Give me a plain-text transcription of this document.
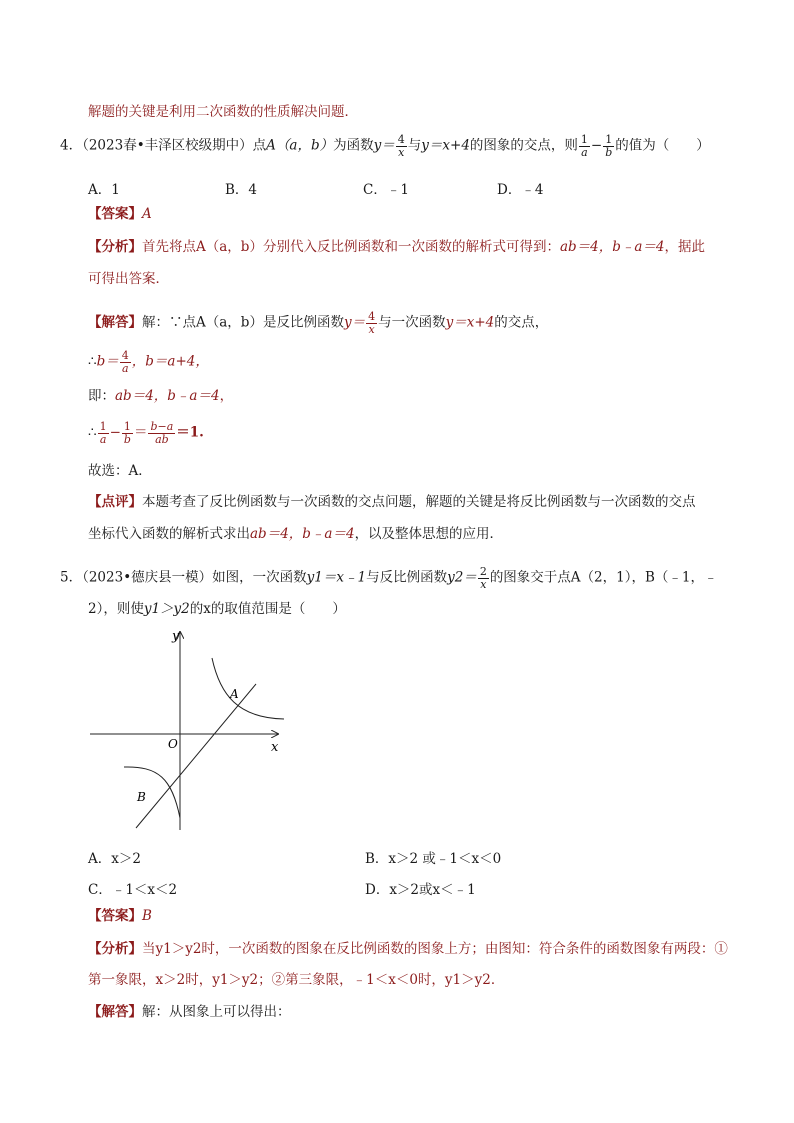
解题的关键是利用二次函数的性质解决问题．
4．（2023春•丰泽区校级期中）点A（a，b）为函数$y= \frac{4}{x}$ 与y＝x+4的图象的交点，则 $\frac{1}{a} - \frac{1}{b}$ 的值为（　　）
A．1	B．4	C．﹣1	D．﹣4
【答案】A
【分析】首先将点A（a，b）分别代入反比例函数和一次函数的解析式可得到：ab＝4，b﹣a＝4，据此
可得出答案．
【解答】解：∵点A（a，b）是反比例函数$y= \frac{4}{x}$ 与一次函数y＝x+4的交点，
∴b＝ $\frac{4}{a}$ ，b＝a+4，
即：ab＝4，b﹣a＝4，
∴ $\frac{1}{a} - \frac{1}{b} = \frac{b-a}{ab} =1$.
故选：A．
【点评】本题考查了反比例函数与一次函数的交点问题，解题的关键是将反比例函数与一次函数的交点
坐标代入函数的解析式求出ab＝4，b﹣a＝4，以及整体思想的应用．
5．（2023•德庆县一模）如图，一次函数y1＝x﹣1与反比例函数$y2= \frac{2}{x}$ 的图象交于点A（2，1），B（﹣1，﹣
2），则使y1＞y2的x的取值范围是（　　）
y
x
O
A
B
A．x＞2	B．x＞2 或﹣1＜x＜0
C．﹣1＜x＜2	D．x＞2或x＜﹣1
【答案】B
【分析】当y1＞y2时，一次函数的图象在反比例函数的图象上方；由图知：符合条件的函数图象有两段：①
第一象限，x＞2时，y1＞y2；②第三象限，﹣1＜x＜0时，y1＞y2．
【解答】解：从图象上可以得出：
